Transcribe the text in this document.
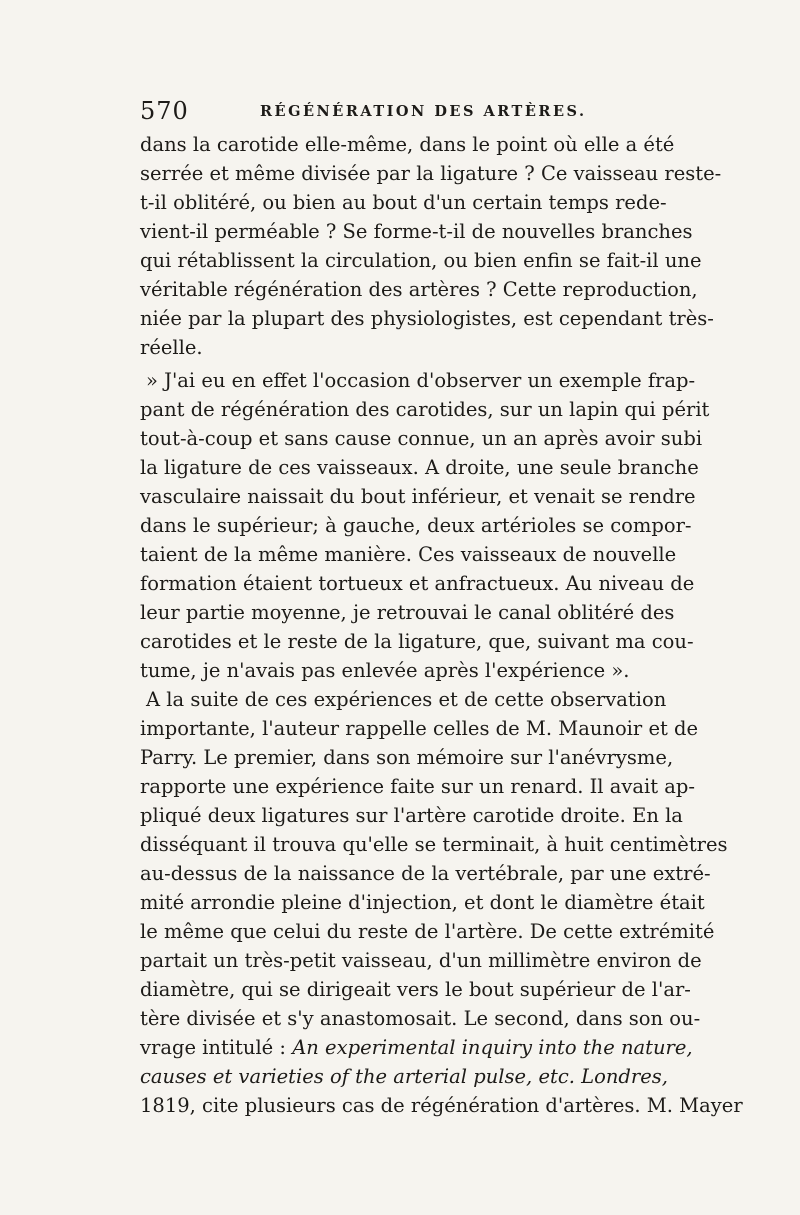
570	RÉGÉNÉRATION DES ARTÈRES.
dans la carotide elle-même, dans le point où elle a été
serrée et même divisée par la ligature ? Ce vaisseau reste-
t-il oblitéré, ou bien au bout d'un certain temps rede-
vient-il perméable ? Se forme-t-il de nouvelles branches
qui rétablissent la circulation, ou bien enfin se fait-il une
véritable régénération des artères ? Cette reproduction,
niée par la plupart des physiologistes, est cependant très-
réelle.
» J'ai eu en effet l'occasion d'observer un exemple frap-
pant de régénération des carotides, sur un lapin qui périt
tout-à-coup et sans cause connue, un an après avoir subi
la ligature de ces vaisseaux. A droite, une seule branche
vasculaire naissait du bout inférieur, et venait se rendre
dans le supérieur; à gauche, deux artérioles se compor-
taient de la même manière. Ces vaisseaux de nouvelle
formation étaient tortueux et anfractueux. Au niveau de
leur partie moyenne, je retrouvai le canal oblitéré des
carotides et le reste de la ligature, que, suivant ma cou-
tume, je n'avais pas enlevée après l'expérience ».
A la suite de ces expériences et de cette observation
importante, l'auteur rappelle celles de M. Maunoir et de
Parry. Le premier, dans son mémoire sur l'anévrysme,
rapporte une expérience faite sur un renard. Il avait ap-
pliqué deux ligatures sur l'artère carotide droite. En la
disséquant il trouva qu'elle se terminait, à huit centimètres
au-dessus de la naissance de la vertébrale, par une extré-
mité arrondie pleine d'injection, et dont le diamètre était
le même que celui du reste de l'artère. De cette extrémité
partait un très-petit vaisseau, d'un millimètre environ de
diamètre, qui se dirigeait vers le bout supérieur de l'ar-
tère divisée et s'y anastomosait. Le second, dans son ou-
vrage intitulé : An experimental inquiry into the nature,
causes et varieties of the arterial pulse, etc. Londres,
1819, cite plusieurs cas de régénération d'artères. M. Mayer
